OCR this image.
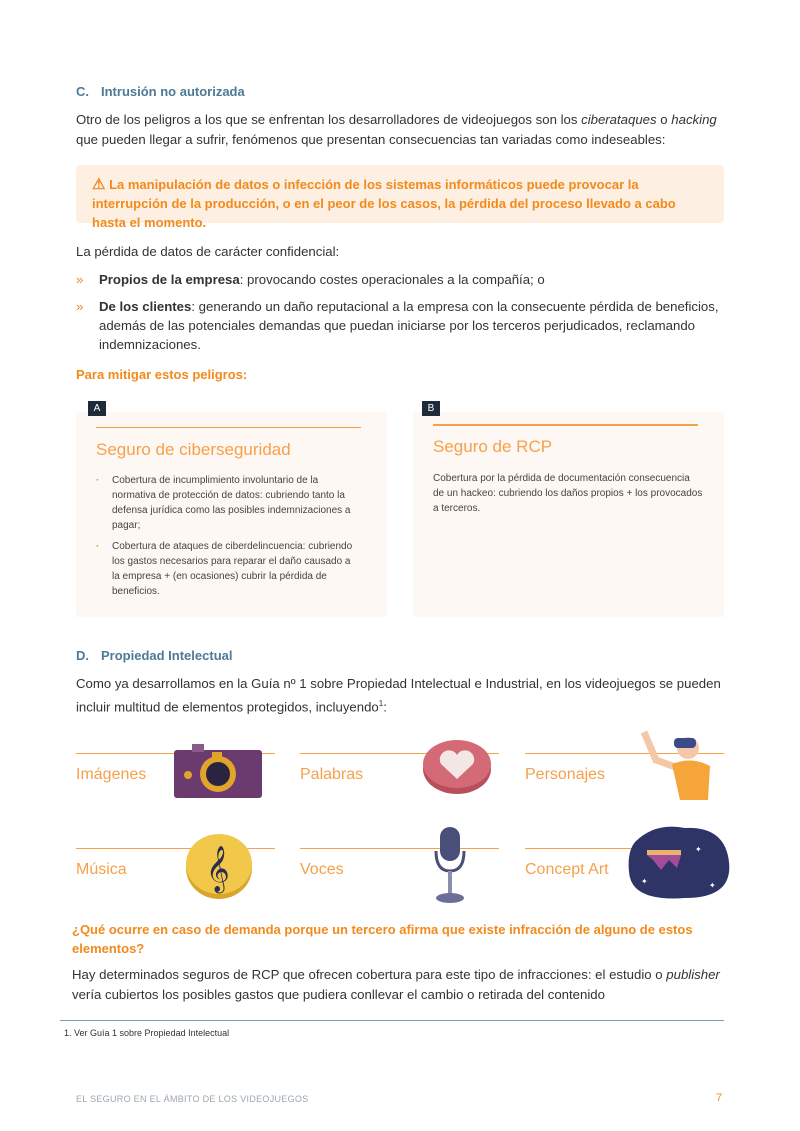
C. Intrusión no autorizada

Otro de los peligros a los que se enfrentan los desarrolladores de videojuegos son los ciberataques o hacking que pueden llegar a sufrir, fenómenos que presentan consecuencias tan variadas como indeseables:

⚠ La manipulación de datos o infección de los sistemas informáticos puede provocar la interrupción de la producción, o en el peor de los casos, la pérdida del proceso llevado a cabo hasta el momento.

La pérdida de datos de carácter confidencial:

» Propios de la empresa: provocando costes operacionales a la compañía; o
» De los clientes: generando un daño reputacional a la empresa con la consecuente pérdida de beneficios, además de las potenciales demandas que puedan iniciarse por los terceros perjudicados, reclamando indemnizaciones.
Para mitigar estos peligros:
A
Seguro de ciberseguridad
· Cobertura de incumplimiento involuntario de la normativa de protección de datos: cubriendo tanto la defensa jurídica como las posibles indemnizaciones a pagar;
· Cobertura de ataques de ciberdelincuencia: cubriendo los gastos necesarios para reparar el daño causado a la empresa + (en ocasiones) cubrir la pérdida de beneficios.
B
Seguro de RCP

Cobertura por la pérdida de documentación consecuencia de un hackeo: cubriendo los daños propios + los provocados a terceros.

D. Propiedad Intelectual

Como ya desarrollamos en la Guía nº 1 sobre Propiedad Intelectual e Industrial, en los videojuegos se pueden incluir multitud de elementos protegidos, incluyendo$^1$:

Imágenes	Palabras	Personajes
Música	Voces	Concept Art
𝄞	✦
✦	✦
¿Qué ocurre en caso de demanda porque un tercero afirma que existe infracción de alguno de estos elementos?

Hay determinados seguros de RCP que ofrecen cobertura para este tipo de infracciones: el estudio o publisher vería cubiertos los posibles gastos que pudiera conllevar el cambio o retirada del contenido

1. Ver Guía 1 sobre Propiedad Intelectual
EL SEGURO EN EL ÁMBITO DE LOS VIDEOJUEGOS	7
